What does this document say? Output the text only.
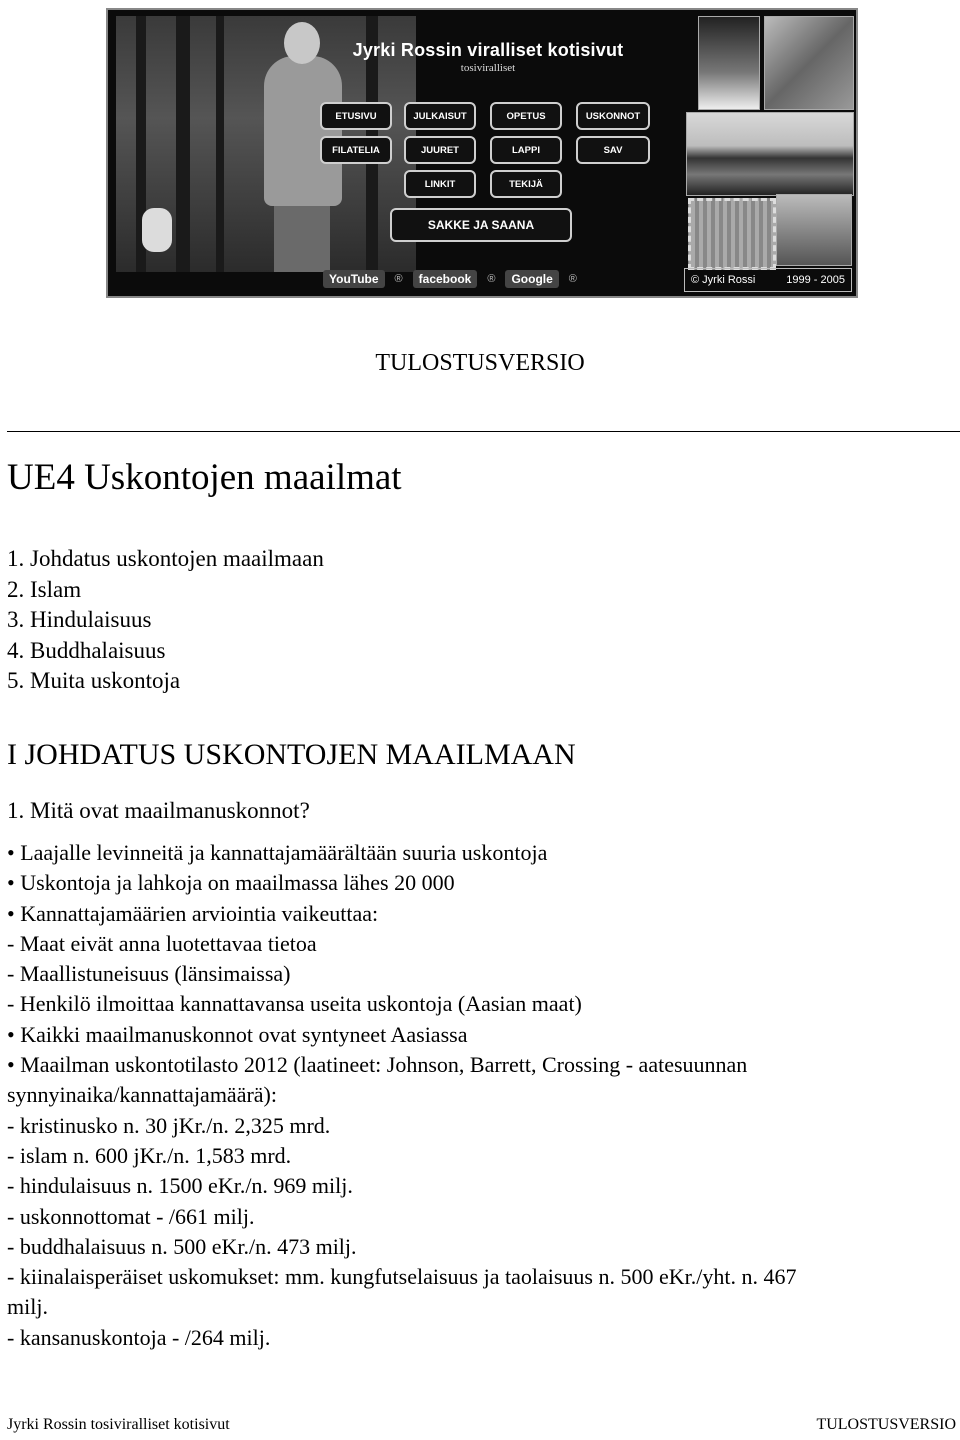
Jyrki Rossin viralliset kotisivut
tosiviralliset
ETUSIVU	JULKAISUT	OPETUS	USKONNOT
FILATELIA	JUURET	LAPPI	SAV
LINKIT	TEKIJÄ
SAKKE JA SAANA
YouTube	®	facebook	®	Google	®	© Jyrki Rossi	1999 - 2005
TULOSTUSVERSIO
UE4 Uskontojen maailmat
1. Johdatus uskontojen maailmaan
2. Islam
3. Hindulaisuus
4. Buddhalaisuus
5. Muita uskontoja
I JOHDATUS USKONTOJEN MAAILMAAN
1. Mitä ovat maailmanuskonnot?
• Laajalle levinneitä ja kannattajamäärältään suuria uskontoja
• Uskontoja ja lahkoja on maailmassa lähes 20 000
• Kannattajamäärien arviointia vaikeuttaa:
- Maat eivät anna luotettavaa tietoa
- Maallistuneisuus (länsimaissa)
- Henkilö ilmoittaa kannattavansa useita uskontoja (Aasian maat)
• Kaikki maailmanuskonnot ovat syntyneet Aasiassa
• Maailman uskontotilasto 2012 (laatineet: Johnson, Barrett, Crossing - aatesuunnan
synnyinaika/kannattajamäärä):
- kristinusko n. 30 jKr./n. 2,325 mrd.
- islam n. 600 jKr./n. 1,583 mrd.
- hindulaisuus n. 1500 eKr./n. 969 milj.
- uskonnottomat - /661 milj.
- buddhalaisuus n. 500 eKr./n. 473 milj.
- kiinalaisperäiset uskomukset: mm. kungfutselaisuus ja taolaisuus n. 500 eKr./yht. n. 467
milj.
- kansanuskontoja - /264 milj.
Jyrki Rossin tosiviralliset kotisivut	TULOSTUSVERSIO
